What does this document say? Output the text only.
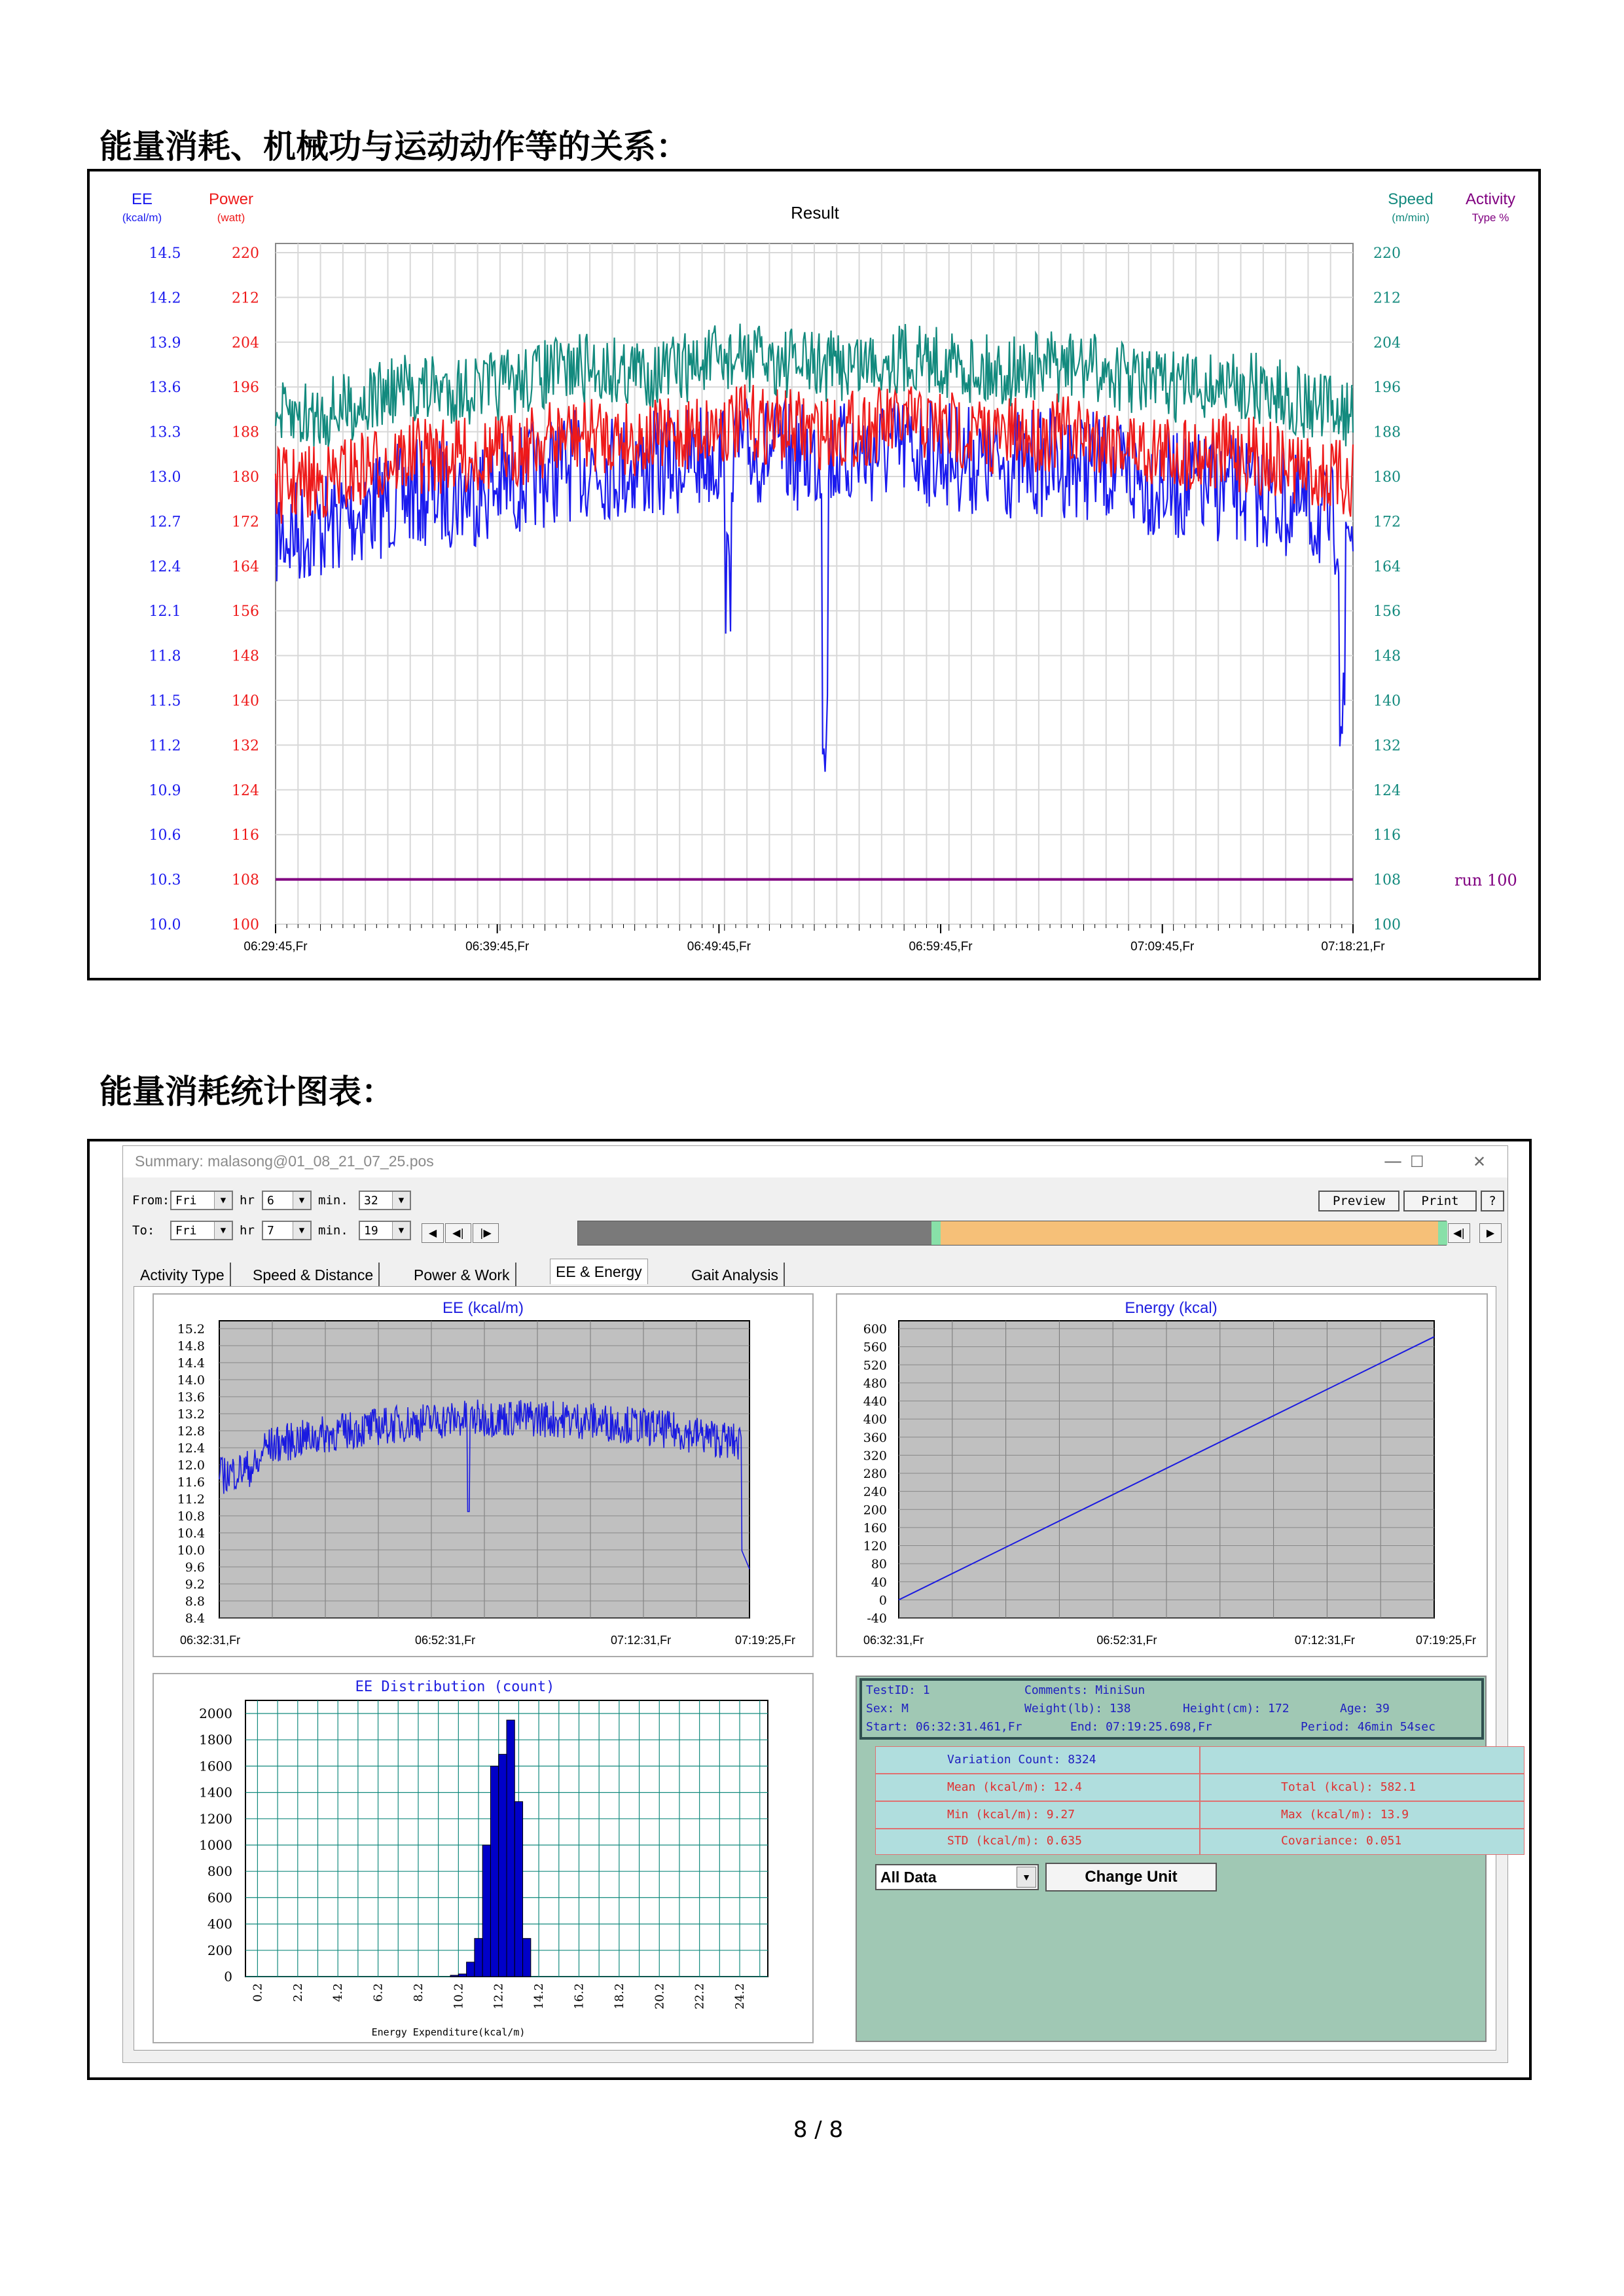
能量消耗、机械功与运动动作等的关系：
Result
EE
(kcal/m)
Power
(watt)
Speed
(m/min)
Activity
Type %
14.5	220	220
14.2	212	212
13.9	204	204
13.6	196	196
13.3	188	188
13.0	180	180
12.7	172	172
12.4	164	164
12.1	156	156
11.8	148	148
11.5	140	140
11.2	132	132
10.9	124	124
10.6	116	116
10.3	108	108
10.0	100	100
06:29:45,Fr	06:39:45,Fr	06:49:45,Fr	06:59:45,Fr	07:09:45,Fr	07:18:21,Fr
run 100
能量消耗统计图表：
Summary: malasong@01_08_21_07_25.pos	— ☐	✕
From: Fri	▼	hr 6	▼	min. 32	▼
To: Fri	▼	hr 7	▼	min. 19	▼	◀	◀|	|▶	◀|	▶
Preview	Print	?
Activity Type	Speed & Distance	Power & Work	EE & Energy	Gait Analysis
EE (kcal/m)
15.2
14.8
14.4
14.0
13.6
13.2
12.8
12.4
12.0
11.6
11.2
10.8
10.4
10.0
9.6
9.2
8.8
8.4
06:32:31,Fr	06:52:31,Fr	07:12:31,Fr	07:19:25,Fr
Energy (kcal)
600
560
520
480
440
400
360
320
280
240
200
160
120
80
40
0
-40
06:32:31,Fr	06:52:31,Fr	07:12:31,Fr	07:19:25,Fr
EE Distribution (count)
2000
1800
1600
1400
1200
1000
800
600
400
200
0
0.2 2.2 4.2 6.2 8.2 10.2 12.2 14.2 16.2 18.2 20.2 22.2 24.2
Energy Expenditure(kcal/m)
TestID: 1	Comments: MiniSun
Sex: M	Weight(lb): 138	Height(cm): 172	Age: 39
Start: 06:32:31.461,Fr	End: 07:19:25.698,Fr	Period: 46min 54sec
Variation Count: 8324
Mean (kcal/m): 12.4	Total (kcal): 582.1
Min (kcal/m): 9.27	Max (kcal/m): 13.9
STD (kcal/m): 0.635	Covariance: 0.051
All Data	▼	Change Unit
8 / 8
